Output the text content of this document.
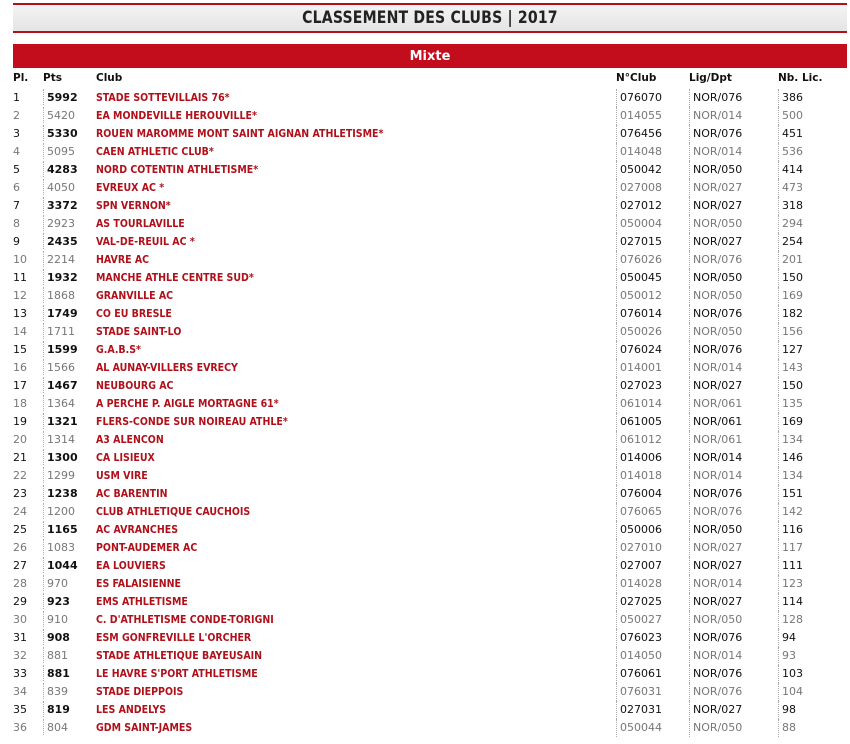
CLASSEMENT DES CLUBS | 2017
Mixte
Pl. Pts	Club	N°Club	Lig/Dpt	Nb. Lic.
1	5992 STADE SOTTEVILLAIS 76*	076070	NOR/076	386
2	5420 EA MONDEVILLE HEROUVILLE*	014055	NOR/014	500
3	5330 ROUEN MAROMME MONT SAINT AIGNAN ATHLETISME*	076456	NOR/076	451
4	5095 CAEN ATHLETIC CLUB*	014048	NOR/014	536
5	4283 NORD COTENTIN ATHLETISME*	050042	NOR/050	414
6	4050 EVREUX AC *	027008	NOR/027	473
7	3372 SPN VERNON*	027012	NOR/027	318
8	2923 AS TOURLAVILLE	050004	NOR/050	294
9	2435 VAL-DE-REUIL AC *	027015	NOR/027	254
10	2214 HAVRE AC	076026	NOR/076	201
11	1932 MANCHE ATHLE CENTRE SUD*	050045	NOR/050	150
12	1868 GRANVILLE AC	050012	NOR/050	169
13	1749 CO EU BRESLE	076014	NOR/076	182
14	1711 STADE SAINT-LO	050026	NOR/050	156
15	1599 G.A.B.S*	076024	NOR/076	127
16	1566 AL AUNAY-VILLERS EVRECY	014001	NOR/014	143
17	1467 NEUBOURG AC	027023	NOR/027	150
18	1364 A PERCHE P. AIGLE MORTAGNE 61*	061014	NOR/061	135
19	1321 FLERS-CONDE SUR NOIREAU ATHLE*	061005	NOR/061	169
20	1314 A3 ALENCON	061012	NOR/061	134
21	1300 CA LISIEUX	014006	NOR/014	146
22	1299 USM VIRE	014018	NOR/014	134
23	1238 AC BARENTIN	076004	NOR/076	151
24	1200 CLUB ATHLETIQUE CAUCHOIS	076065	NOR/076	142
25	1165 AC AVRANCHES	050006	NOR/050	116
26	1083 PONT-AUDEMER AC	027010	NOR/027	117
27	1044 EA LOUVIERS	027007	NOR/027	111
28	970	ES FALAISIENNE	014028	NOR/014	123
29	923 EMS ATHLETISME	027025	NOR/027	114
30	910	C. D'ATHLETISME CONDE-TORIGNI	050027	NOR/050	128
31	908 ESM GONFREVILLE L'ORCHER	076023	NOR/076	94
32	881	STADE ATHLETIQUE BAYEUSAIN	014050	NOR/014	93
33	881 LE HAVRE S'PORT ATHLETISME	076061	NOR/076	103
34	839	STADE DIEPPOIS	076031	NOR/076	104
35	819 LES ANDELYS	027031	NOR/027	98
36	804	GDM SAINT-JAMES	050044	NOR/050	88
